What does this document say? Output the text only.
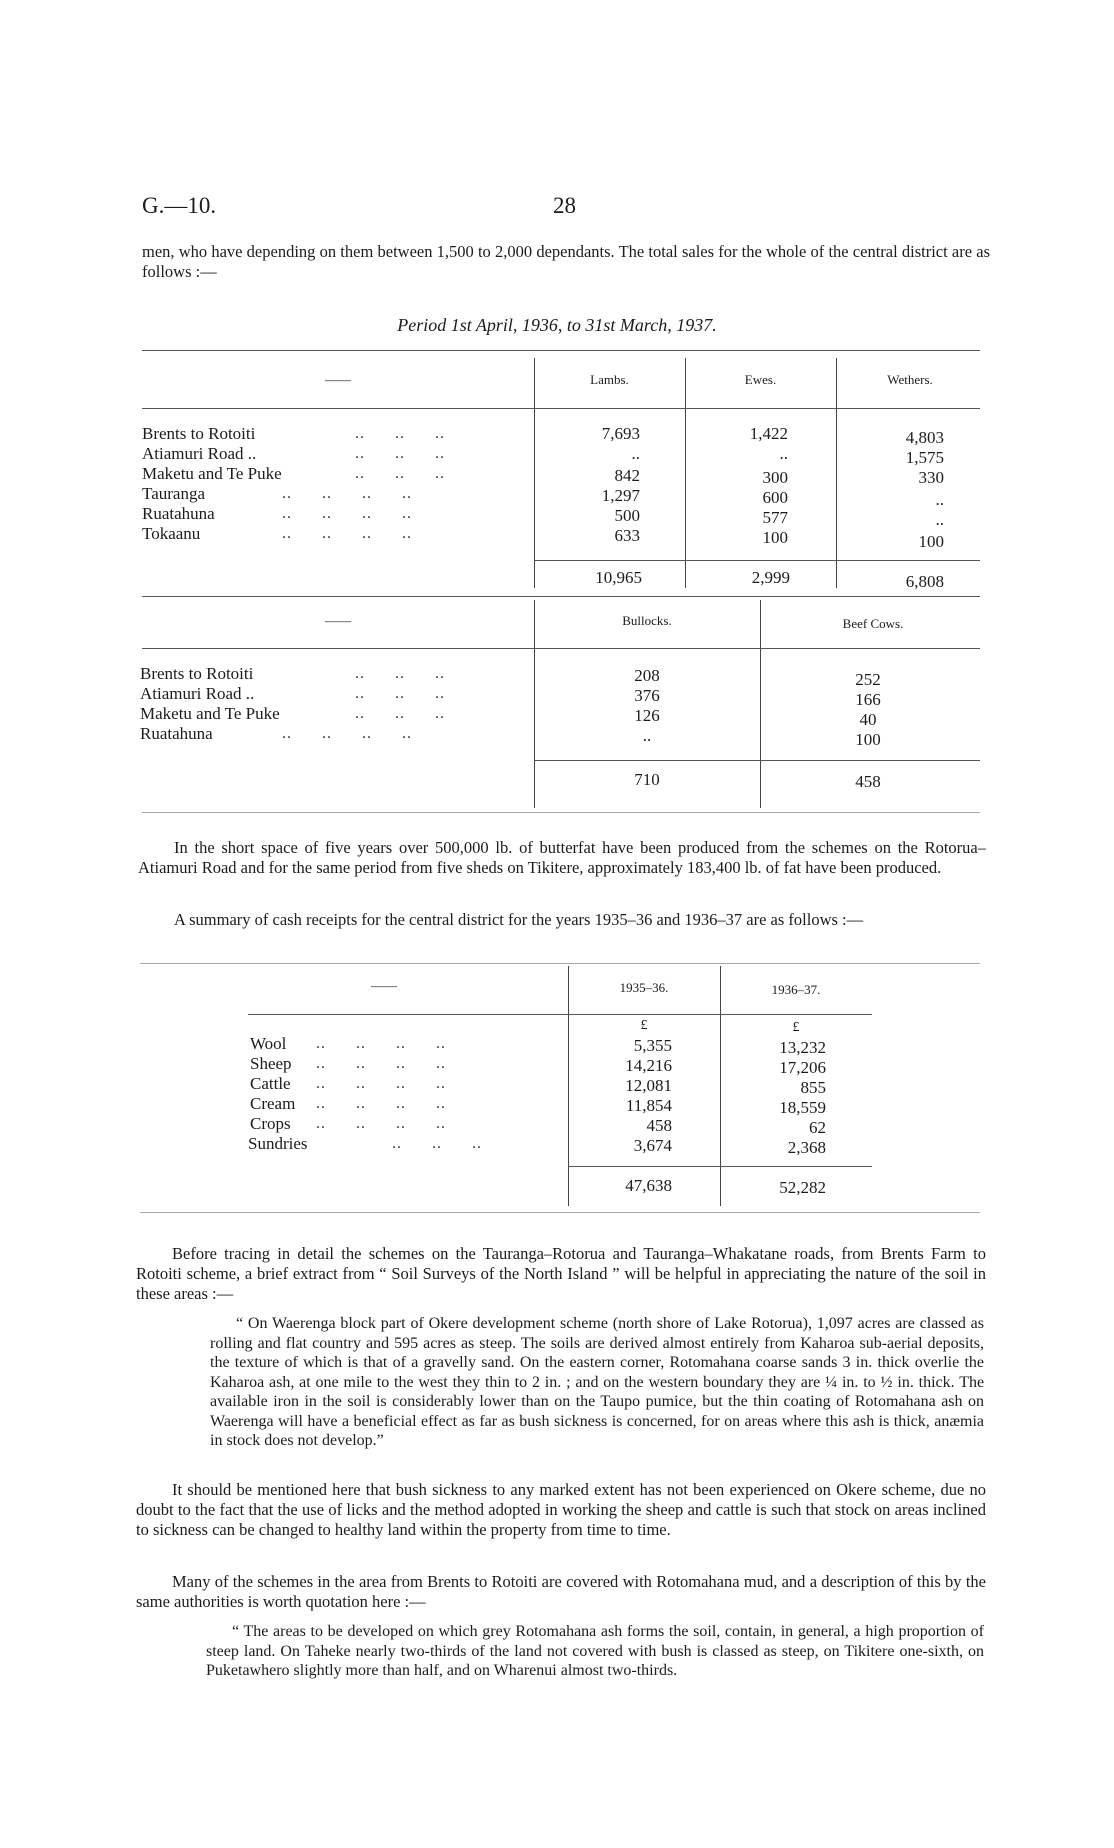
G.—10.	28
men, who have depending on them between 1,500 to 2,000 dependants. The total sales for the whole of the central district are as follows :—
Period 1st April, 1936, to 31st March, 1937.
——	Lambs.	Ewes.	Wethers.
Brents to Rotoiti	..      ..      ..	7,693	1,422	4,803
Atiamuri Road ..	..      ..      ..	..	..	1,575
Maketu and Te Puke	..      ..      ..	842	300	330
Tauranga	..      ..      ..      ..	1,297	600	..
Ruatahuna	..      ..      ..      ..	500	577	..
Tokaanu	..      ..      ..      ..	633	100	100
10,965	2,999	6,808
——	Bullocks.	Beef Cows.
Brents to Rotoiti	..      ..      ..	208	252
Atiamuri Road ..	..      ..      ..	376	166
Maketu and Te Puke	..      ..      ..	126	40
Ruatahuna	..      ..      ..      ..	..	100
710	458
In the short space of five years over 500,000 lb. of butterfat have been produced from the schemes on the Rotorua–Atiamuri Road and for the same period from five sheds on Tikitere, approximately 183,400 lb. of fat have been produced.
A summary of cash receipts for the central district for the years 1935–36 and 1936–37 are as follows :—
——	1935–36.	1936–37.
£	£
Wool ..      ..      ..      ..	5,355	13,232
Sheep ..      ..      ..      ..	14,216	17,206
Cattle ..      ..      ..      ..	12,081	855
Cream ..      ..      ..      ..	11,854	18,559
Crops ..      ..      ..      ..	458	62
Sundries	..      ..      ..	3,674	2,368
47,638	52,282
Before tracing in detail the schemes on the Tauranga–Rotorua and Tauranga–Whakatane roads, from Brents Farm to Rotoiti scheme, a brief extract from “ Soil Surveys of the North Island ” will be helpful in appreciating the nature of the soil in these areas :—
“ On Waerenga block part of Okere development scheme (north shore of Lake Rotorua), 1,097 acres are classed as rolling and flat country and 595 acres as steep. The soils are derived almost entirely from Kaharoa sub-aerial deposits, the texture of which is that of a gravelly sand. On the eastern corner, Rotomahana coarse sands 3 in. thick overlie the Kaharoa ash, at one mile to the west they thin to 2 in. ; and on the western boundary they are ¼ in. to ½ in. thick. The available iron in the soil is considerably lower than on the Taupo pumice, but the thin coating of Rotomahana ash on Waerenga will have a beneficial effect as far as bush sickness is concerned, for on areas where this ash is thick, anæmia in stock does not develop.”
It should be mentioned here that bush sickness to any marked extent has not been experienced on Okere scheme, due no doubt to the fact that the use of licks and the method adopted in working the sheep and cattle is such that stock on areas inclined to sickness can be changed to healthy land within the property from time to time.
Many of the schemes in the area from Brents to Rotoiti are covered with Rotomahana mud, and a description of this by the same authorities is worth quotation here :—
“ The areas to be developed on which grey Rotomahana ash forms the soil, contain, in general, a high proportion of steep land. On Taheke nearly two-thirds of the land not covered with bush is classed as steep, on Tikitere one-sixth, on Puketawhero slightly more than half, and on Wharenui almost two-thirds.
